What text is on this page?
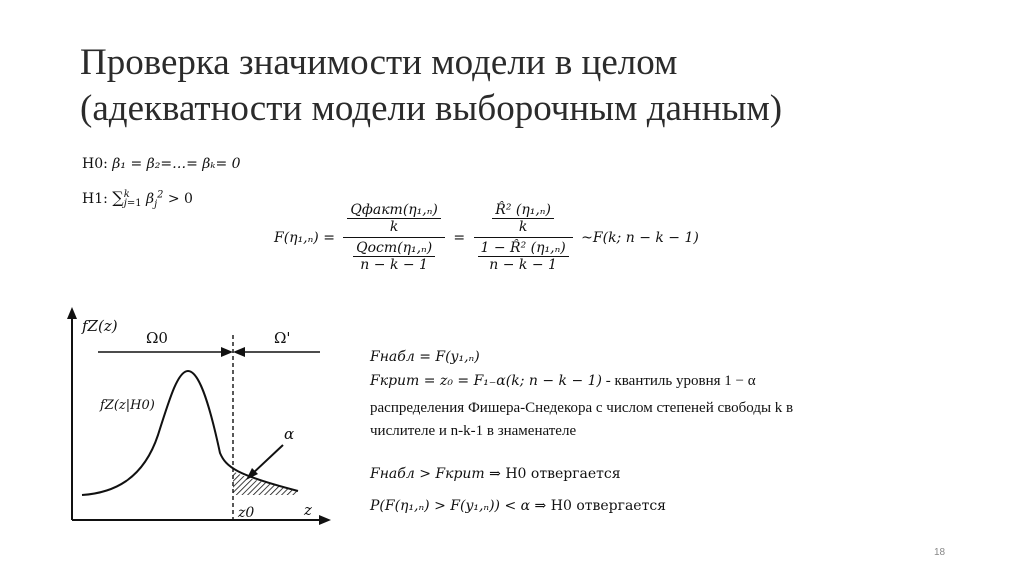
Проверка значимости модели в целом
(адекватности модели выборочным данным)
H0: β₁ = β₂=…= βₖ= 0
H1: ∑k
j=1 $\beta_j^2 > 0$
$F(\eta_1,_n) = \frac{\frac{\text{Qфакт(η₁,ₙ)}}{k}}{\frac{\text{Qост(η₁,ₙ)}}{n - k - 1}} = \frac{\frac{\text{R̂² (η₁,ₙ)}}{k}}{\frac{\text{1 − R̂² (η₁,ₙ)}}{n - k - 1}}$ ~F(k; n − k − 1)
Fнабл = F(y₁,ₙ)
Fкрит = z₀ = F₁₋α(k; n − k − 1) - квантиль уровня 1 − α
распределения Фишера-Снедекора с числом степеней свободы k в
числителе и n-k-1 в знаменателе
Fнабл > Fкрит ⇒ H0 отвергается
P(F(η₁,ₙ) > F(y₁,ₙ)) < α ⇒ H0 отвергается
fZ(z)
Ω0	Ω'
fZ(z|H0)
α
z0	z
18
